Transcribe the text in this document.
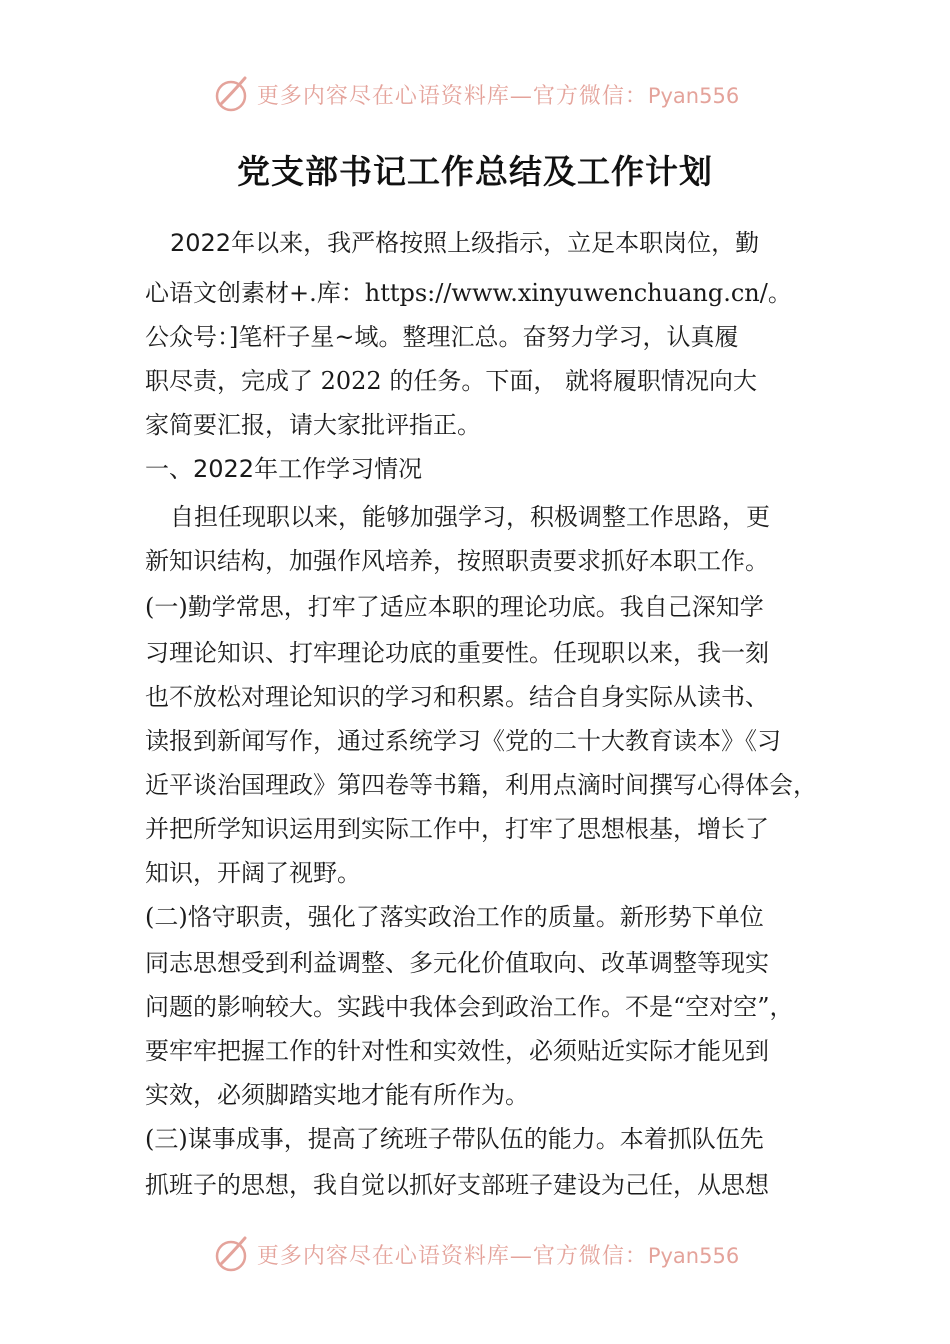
更多内容尽在心语资料库—官方微信：Pyan556
党支部书记工作总结及工作计划
2022年以来，我严格按照上级指示，立足本职岗位，勤
心语文创素材+.库：https://www.xinyuwenchuang.cn/。
公众号：]笔杆子星~域。整理汇总。奋努力学习，认真履
职尽责，完成了 2022 的任务。下面， 就将履职情况向大
家简要汇报，请大家批评指正。
一、2022年工作学习情况
自担任现职以来，能够加强学习，积极调整工作思路，更
新知识结构，加强作风培养，按照职责要求抓好本职工作。
(一)勤学常思，打牢了适应本职的理论功底。我自己深知学
习理论知识、打牢理论功底的重要性。任现职以来，我一刻
也不放松对理论知识的学习和积累。结合自身实际从读书、
读报到新闻写作，通过系统学习《党的二十大教育读本》《习
近平谈治国理政》第四卷等书籍，利用点滴时间撰写心得体会，
并把所学知识运用到实际工作中，打牢了思想根基，增长了
知识，开阔了视野。
(二)恪守职责，强化了落实政治工作的质量。新形势下单位
同志思想受到利益调整、多元化价值取向、改革调整等现实
问题的影响较大。实践中我体会到政治工作。不是“空对空”，
要牢牢把握工作的针对性和实效性，必须贴近实际才能见到
实效，必须脚踏实地才能有所作为。
(三)谋事成事，提高了统班子带队伍的能力。本着抓队伍先
抓班子的思想，我自觉以抓好支部班子建设为己任，从思想
更多内容尽在心语资料库—官方微信：Pyan556
